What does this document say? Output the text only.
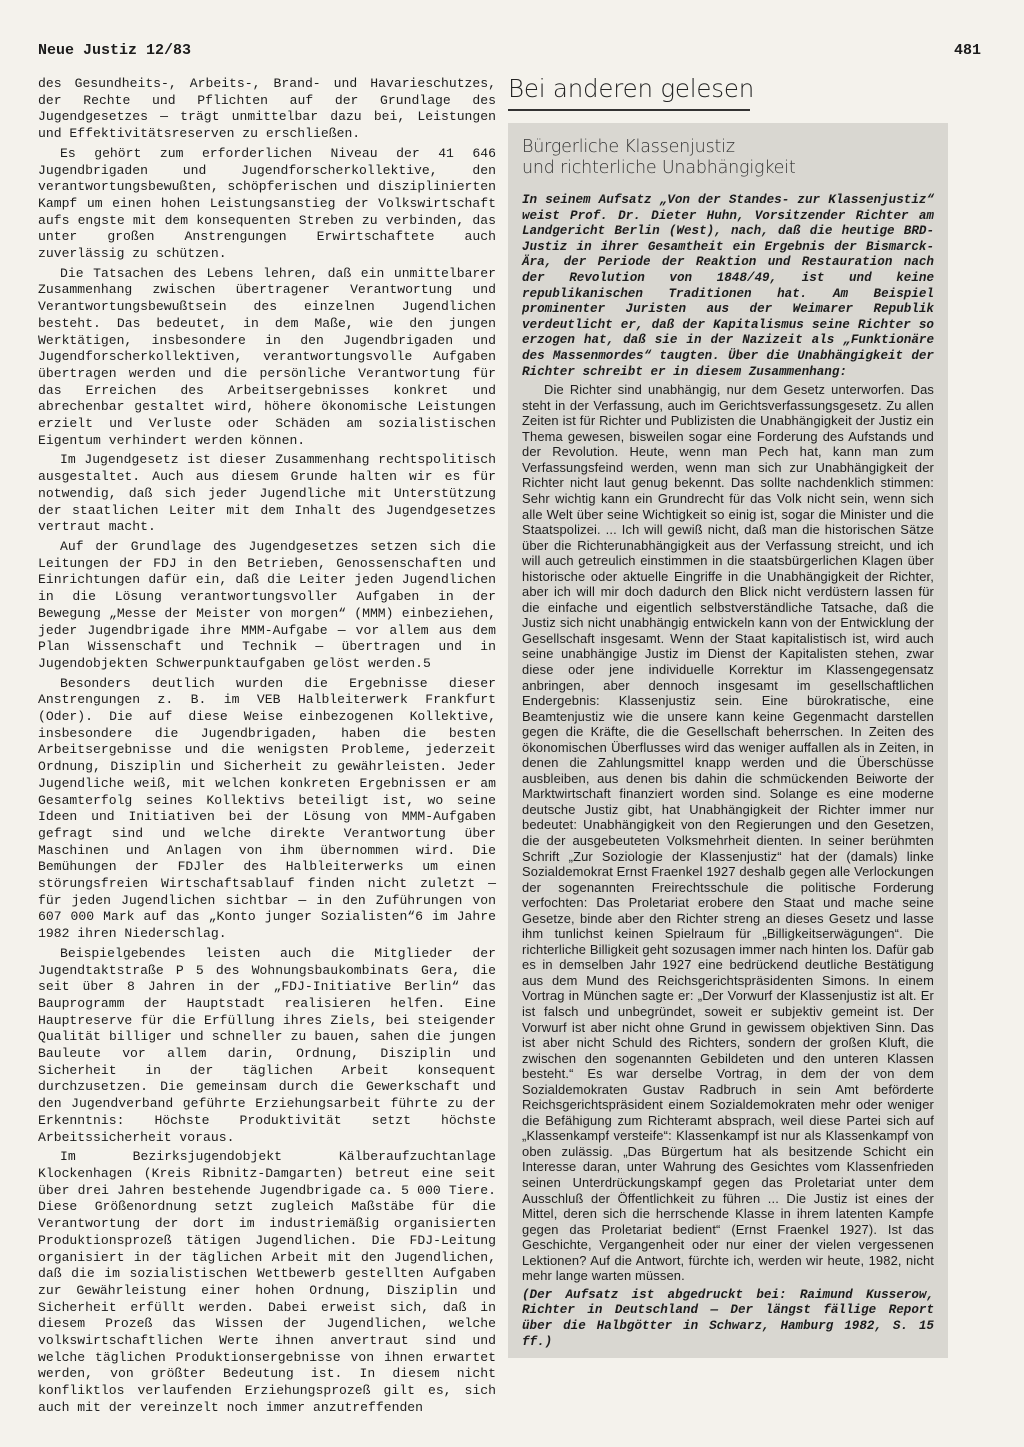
Neue Justiz 12/83	481

des Gesundheits-, Arbeits-, Brand- und Havarieschutzes, der Rechte und Pflichten auf der Grundlage des Jugendgesetzes — trägt unmittelbar dazu bei, Leistungen und Effektivitätsreserven zu erschließen.

Es gehört zum erforderlichen Niveau der 41 646 Jugendbrigaden und Jugendforscherkollektive, den verantwortungsbewußten, schöpferischen und disziplinierten Kampf um einen hohen Leistungsanstieg der Volkswirtschaft aufs engste mit dem konsequenten Streben zu verbinden, das unter großen Anstrengungen Erwirtschaftete auch zuverlässig zu schützen.

Die Tatsachen des Lebens lehren, daß ein unmittelbarer Zusammenhang zwischen übertragener Verantwortung und Verantwortungsbewußtsein des einzelnen Jugendlichen besteht. Das bedeutet, in dem Maße, wie den jungen Werktätigen, insbesondere in den Jugendbrigaden und Jugendforscherkollektiven, verantwortungsvolle Aufgaben übertragen werden und die persönliche Verantwortung für das Erreichen des Arbeitsergebnisses konkret und abrechenbar gestaltet wird, höhere ökonomische Leistungen erzielt und Verluste oder Schäden am sozialistischen Eigentum verhindert werden können.

Im Jugendgesetz ist dieser Zusammenhang rechtspolitisch ausgestaltet. Auch aus diesem Grunde halten wir es für notwendig, daß sich jeder Jugendliche mit Unterstützung der staatlichen Leiter mit dem Inhalt des Jugendgesetzes vertraut macht.

Auf der Grundlage des Jugendgesetzes setzen sich die Leitungen der FDJ in den Betrieben, Genossenschaften und Einrichtungen dafür ein, daß die Leiter jeden Jugendlichen in die Lösung verantwortungsvoller Aufgaben in der Bewegung „Messe der Meister von morgen“ (MMM) einbeziehen, jeder Jugendbrigade ihre MMM-Aufgabe — vor allem aus dem Plan Wissenschaft und Technik — übertragen und in Jugendobjekten Schwerpunktaufgaben gelöst werden.5

Besonders deutlich wurden die Ergebnisse dieser Anstrengungen z. B. im VEB Halbleiterwerk Frankfurt (Oder). Die auf diese Weise einbezogenen Kollektive, insbesondere die Jugendbrigaden, haben die besten Arbeitsergebnisse und die wenigsten Probleme, jederzeit Ordnung, Disziplin und Sicherheit zu gewährleisten. Jeder Jugendliche weiß, mit welchen konkreten Ergebnissen er am Gesamterfolg seines Kollektivs beteiligt ist, wo seine Ideen und Initiativen bei der Lösung von MMM-Aufgaben gefragt sind und welche direkte Verantwortung über Maschinen und Anlagen von ihm übernommen wird. Die Bemühungen der FDJler des Halbleiterwerks um einen störungsfreien Wirtschaftsablauf finden nicht zuletzt — für jeden Jugendlichen sichtbar — in den Zuführungen von 607 000 Mark auf das „Konto junger Sozialisten“6 im Jahre 1982 ihren Niederschlag.

Beispielgebendes leisten auch die Mitglieder der Jugendtaktstraße P 5 des Wohnungsbaukombinats Gera, die seit über 8 Jahren in der „FDJ-Initiative Berlin“ das Bauprogramm der Hauptstadt realisieren helfen. Eine Hauptreserve für die Erfüllung ihres Ziels, bei steigender Qualität billiger und schneller zu bauen, sahen die jungen Bauleute vor allem darin, Ordnung, Disziplin und Sicherheit in der täglichen Arbeit konsequent durchzusetzen. Die gemeinsam durch die Gewerkschaft und den Jugendverband geführte Erziehungsarbeit führte zu der Erkenntnis: Höchste Produktivität setzt höchste Arbeitssicherheit voraus.

Im Bezirksjugendobjekt Kälberaufzuchtanlage Klockenhagen (Kreis Ribnitz-Damgarten) betreut eine seit über drei Jahren bestehende Jugendbrigade ca. 5 000 Tiere. Diese Größenordnung setzt zugleich Maßstäbe für die Verantwortung der dort im industriemäßig organisierten Produktionsprozeß tätigen Jugendlichen. Die FDJ-Leitung organisiert in der täglichen Arbeit mit den Jugendlichen, daß die im sozialistischen Wettbewerb gestellten Aufgaben zur Gewährleistung einer hohen Ordnung, Disziplin und Sicherheit erfüllt werden. Dabei erweist sich, daß in diesem Prozeß das Wissen der Jugendlichen, welche volkswirtschaftlichen Werte ihnen anvertraut sind und welche täglichen Produktionsergebnisse von ihnen erwartet werden, von größter Bedeutung ist. In diesem nicht konfliktlos verlaufenden Erziehungsprozeß gilt es, sich auch mit der vereinzelt noch immer anzutreffenden

Bei anderen gelesen
Bürgerliche Klassenjustiz
und richterliche Unabhängigkeit

In seinem Aufsatz „Von der Standes- zur Klassenjustiz“ weist Prof. Dr. Dieter Huhn, Vorsitzender Richter am Landgericht Berlin (West), nach, daß die heutige BRD-Justiz in ihrer Gesamtheit ein Ergebnis der Bismarck-Ära, der Periode der Reaktion und Restauration nach der Revolution von 1848/49, ist und keine republikanischen Traditionen hat. Am Beispiel prominenter Juristen aus der Weimarer Republik verdeutlicht er, daß der Kapitalismus seine Richter so erzogen hat, daß sie in der Nazizeit als „Funktionäre des Massenmordes“ taugten. Über die Unabhängigkeit der Richter schreibt er in diesem Zusammenhang:

Die Richter sind unabhängig, nur dem Gesetz unterworfen. Das steht in der Verfassung, auch im Gerichtsverfassungsgesetz. Zu allen Zeiten ist für Richter und Publizisten die Unabhängigkeit der Justiz ein Thema gewesen, bisweilen sogar eine Forderung des Aufstands und der Revolution. Heute, wenn man Pech hat, kann man zum Verfassungsfeind werden, wenn man sich zur Unabhängigkeit der Richter nicht laut genug bekennt. Das sollte nachdenklich stimmen: Sehr wichtig kann ein Grundrecht für das Volk nicht sein, wenn sich alle Welt über seine Wichtigkeit so einig ist, sogar die Minister und die Staatspolizei. ... Ich will gewiß nicht, daß man die historischen Sätze über die Richterunabhängigkeit aus der Verfassung streicht, und ich will auch getreulich einstimmen in die staatsbürgerlichen Klagen über historische oder aktuelle Eingriffe in die Unabhängigkeit der Richter, aber ich will mir doch dadurch den Blick nicht verdüstern lassen für die einfache und eigentlich selbstverständliche Tatsache, daß die Justiz sich nicht unabhängig entwickeln kann von der Entwicklung der Gesellschaft insgesamt. Wenn der Staat kapitalistisch ist, wird auch seine unabhängige Justiz im Dienst der Kapitalisten stehen, zwar diese oder jene individuelle Korrektur im Klassengegensatz anbringen, aber dennoch insgesamt im gesellschaftlichen Endergebnis: Klassenjustiz sein. Eine bürokratische, eine Beamtenjustiz wie die unsere kann keine Gegenmacht darstellen gegen die Kräfte, die die Gesellschaft beherrschen. In Zeiten des ökonomischen Überflusses wird das weniger auffallen als in Zeiten, in denen die Zahlungsmittel knapp werden und die Überschüsse ausbleiben, aus denen bis dahin die schmückenden Beiworte der Marktwirtschaft finanziert worden sind. Solange es eine moderne deutsche Justiz gibt, hat Unabhängigkeit der Richter immer nur bedeutet: Unabhängigkeit von den Regierungen und den Gesetzen, die der ausgebeuteten Volksmehrheit dienten. In seiner berühmten Schrift „Zur Soziologie der Klassenjustiz“ hat der (damals) linke Sozialdemokrat Ernst Fraenkel 1927 deshalb gegen alle Verlockungen der sogenannten Freirechtsschule die politische Forderung verfochten: Das Proletariat erobere den Staat und mache seine Gesetze, binde aber den Richter streng an dieses Gesetz und lasse ihm tunlichst keinen Spielraum für „Billigkeitserwägungen“. Die richterliche Billigkeit geht sozusagen immer nach hinten los. Dafür gab es in demselben Jahr 1927 eine bedrückend deutliche Bestätigung aus dem Mund des Reichsgerichtspräsidenten Simons. In einem Vortrag in München sagte er: „Der Vorwurf der Klassenjustiz ist alt. Er ist falsch und unbegründet, soweit er subjektiv gemeint ist. Der Vorwurf ist aber nicht ohne Grund in gewissem objektiven Sinn. Das ist aber nicht Schuld des Richters, sondern der großen Kluft, die zwischen den sogenannten Gebildeten und den unteren Klassen besteht.“ Es war derselbe Vortrag, in dem der von dem Sozialdemokraten Gustav Radbruch in sein Amt beförderte Reichsgerichtspräsident einem Sozialdemokraten mehr oder weniger die Befähigung zum Richteramt absprach, weil diese Partei sich auf „Klassenkampf versteife“: Klassenkampf ist nur als Klassenkampf von oben zulässig. „Das Bürgertum hat als besitzende Schicht ein Interesse daran, unter Wahrung des Gesichtes vom Klassenfrieden seinen Unterdrückungskampf gegen das Proletariat unter dem Ausschluß der Öffentlichkeit zu führen ... Die Justiz ist eines der Mittel, deren sich die herrschende Klasse in ihrem latenten Kampfe gegen das Proletariat bedient“ (Ernst Fraenkel 1927). Ist das Geschichte, Vergangenheit oder nur einer der vielen vergessenen Lektionen? Auf die Antwort, fürchte ich, werden wir heute, 1982, nicht mehr lange warten müssen.

(Der Aufsatz ist abgedruckt bei: Raimund Kusserow, Richter in Deutschland — Der längst fällige Report über die Halbgötter in Schwarz, Hamburg 1982, S. 15 ff.)
